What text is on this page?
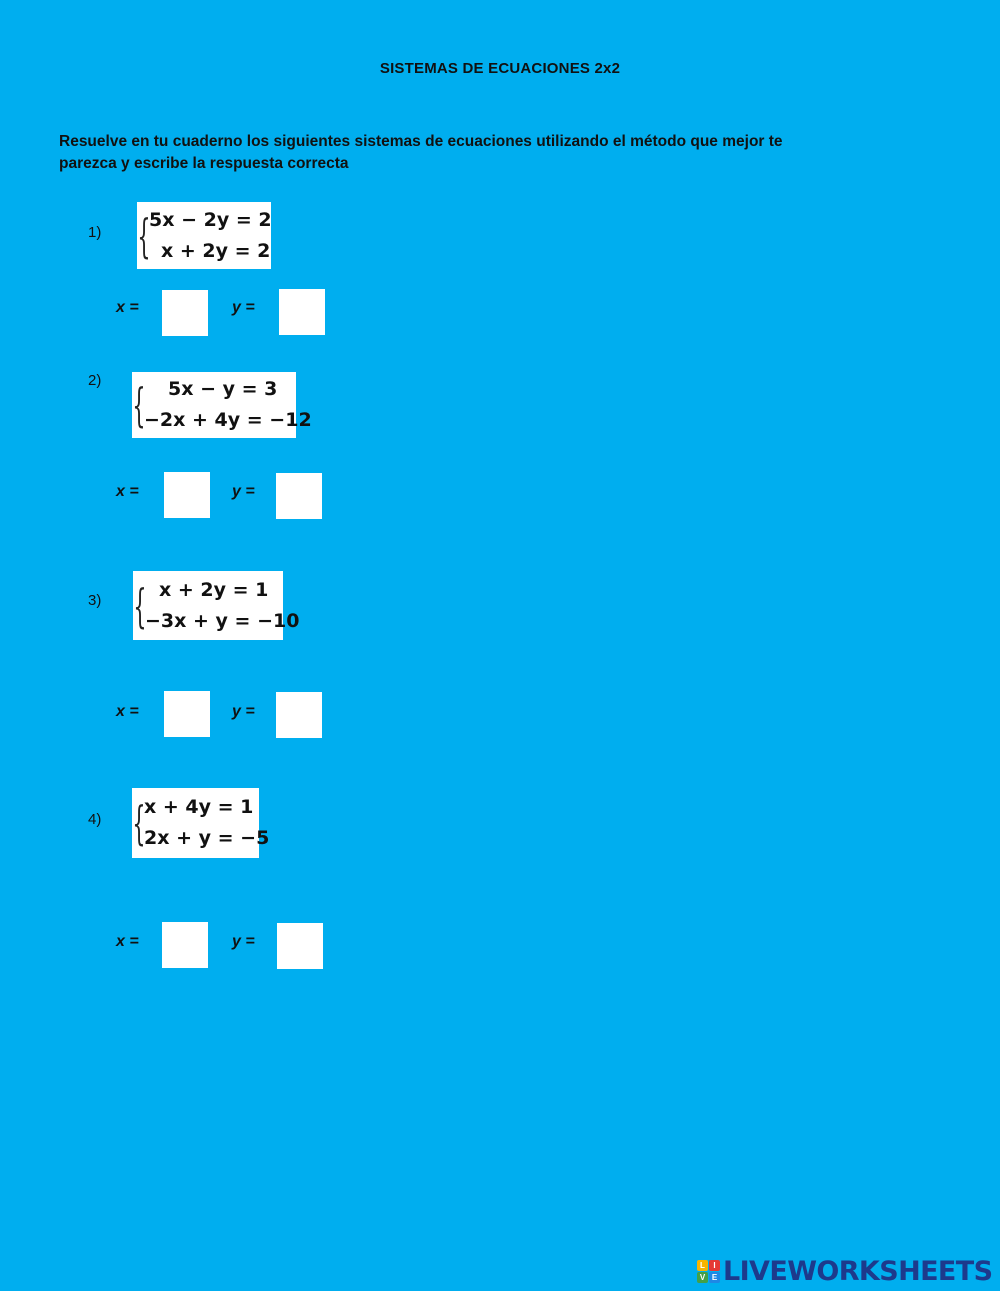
SISTEMAS DE ECUACIONES 2x2
Resuelve en tu cuaderno los siguientes sistemas de ecuaciones utilizando el método que mejor te
parezca y escribe la respuesta correcta
1) {
5x − 2y = 2
x + 2y = 2
x =	y =
2) {	5x − y = 3
−2x + 4y = −12
x =	y =
3) { x + 2y = 1
−3x + y = −10
x =	y =
4) {
x + 4y = 1
2x + y = −5
x =	y =
L	I
V E LIVEWORKSHEETS
